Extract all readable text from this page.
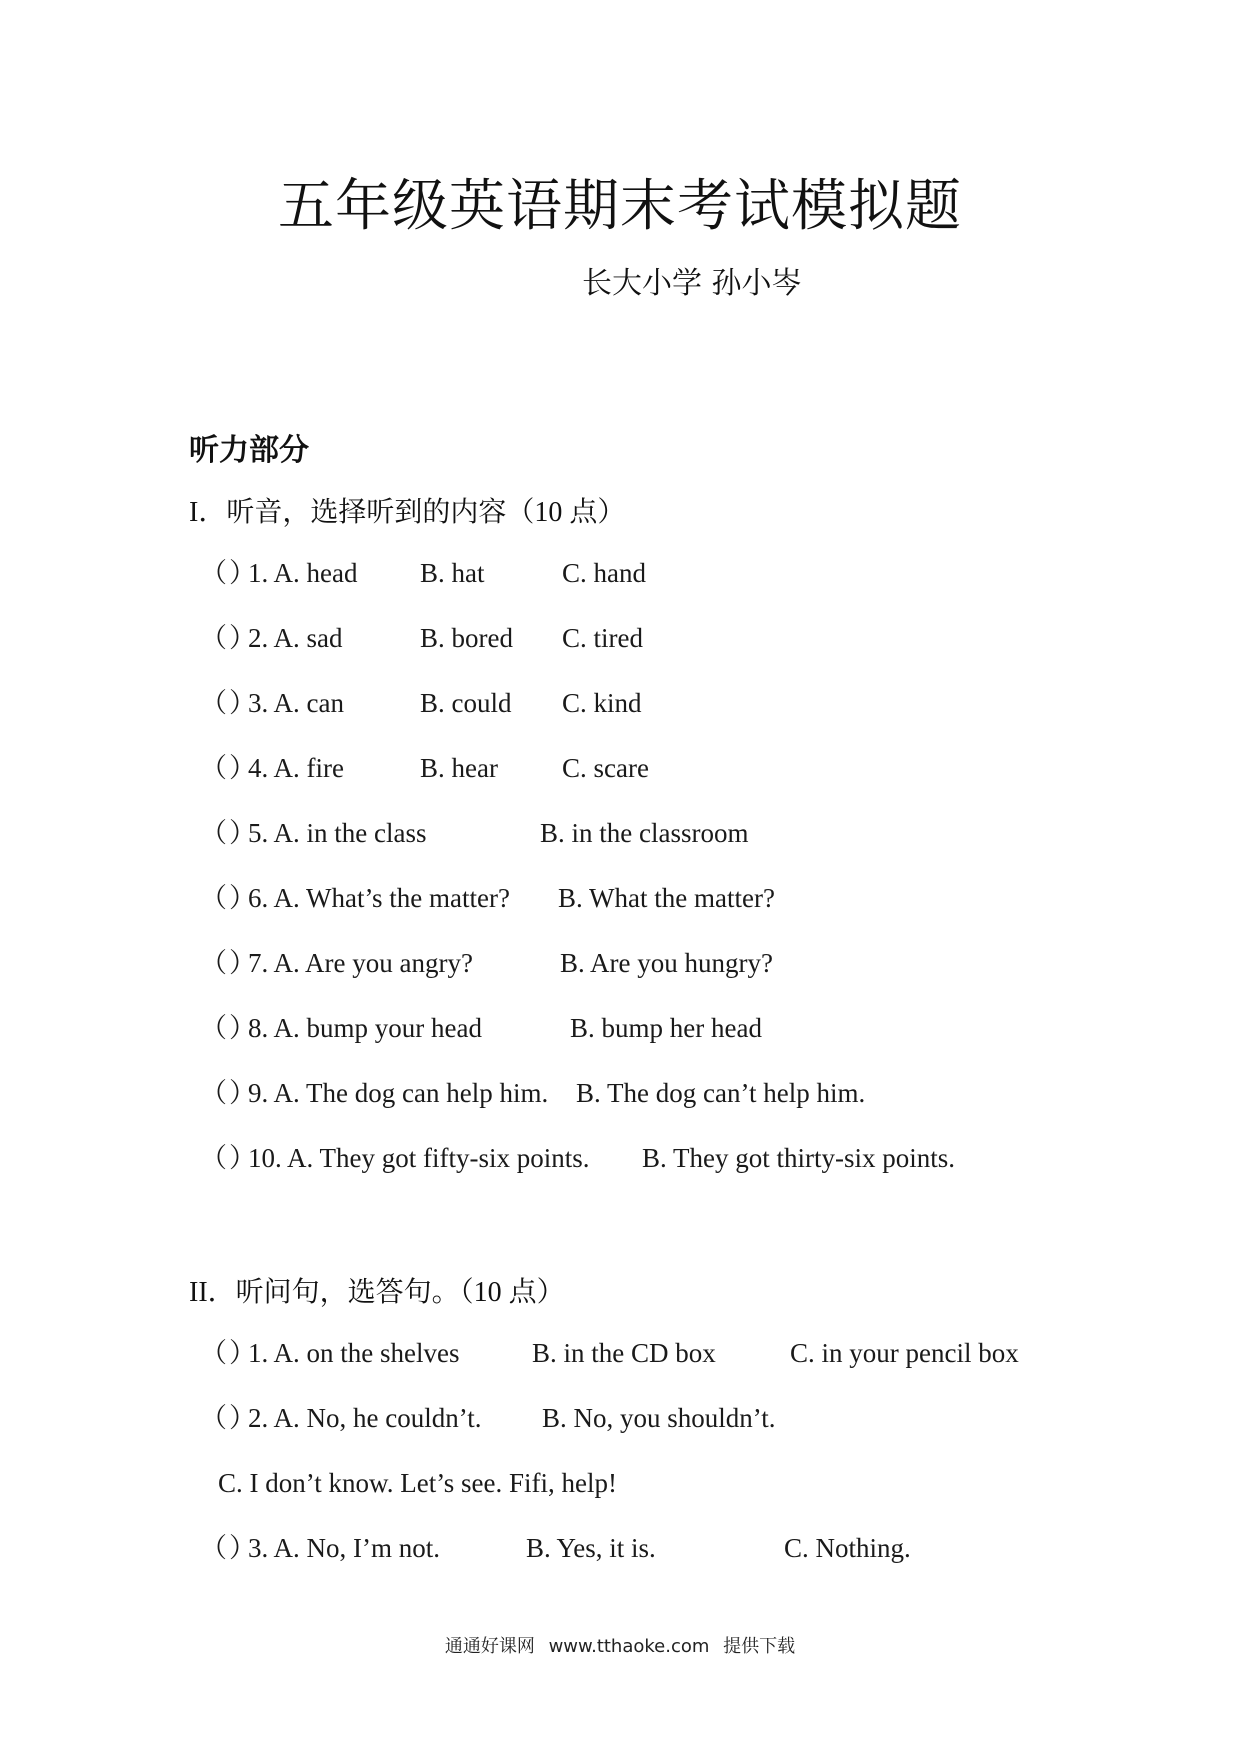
五年级英语期末考试模拟题
长大小学 孙小岑
听力部分
I．听音，选择听到的内容（10 点）
（）
1. A. head B. hat	C. hand
（）
2. A. sad	B. bored C. tired
（）
3. A. can	B. could C. kind
（）
4. A. fire	B. hear C. scare
（）
5. A. in the class	B. in the classroom
（）
6. A. What’s the matter? B. What the matter?
（）
7. A. Are you angry?	B. Are you hungry?
（）
8. A. bump your head	B. bump her head
（）
9. A. The dog can help him. B. The dog can’t help him.
（）
10. A. They got fifty-six points. B. They got thirty-six points.
II．听问句，选答句。（10 点）
（）
1. A. on the shelves	B. in the CD box	C. in your pencil box
（）
2. A. No, he couldn’t. B. No, you shouldn’t.
C. I don’t know. Let’s see. Fifi, help!
（）
3. A. No, I’m not.	B. Yes, it is.	C. Nothing.
通通好课网 www.tthaoke.com 提供下载
